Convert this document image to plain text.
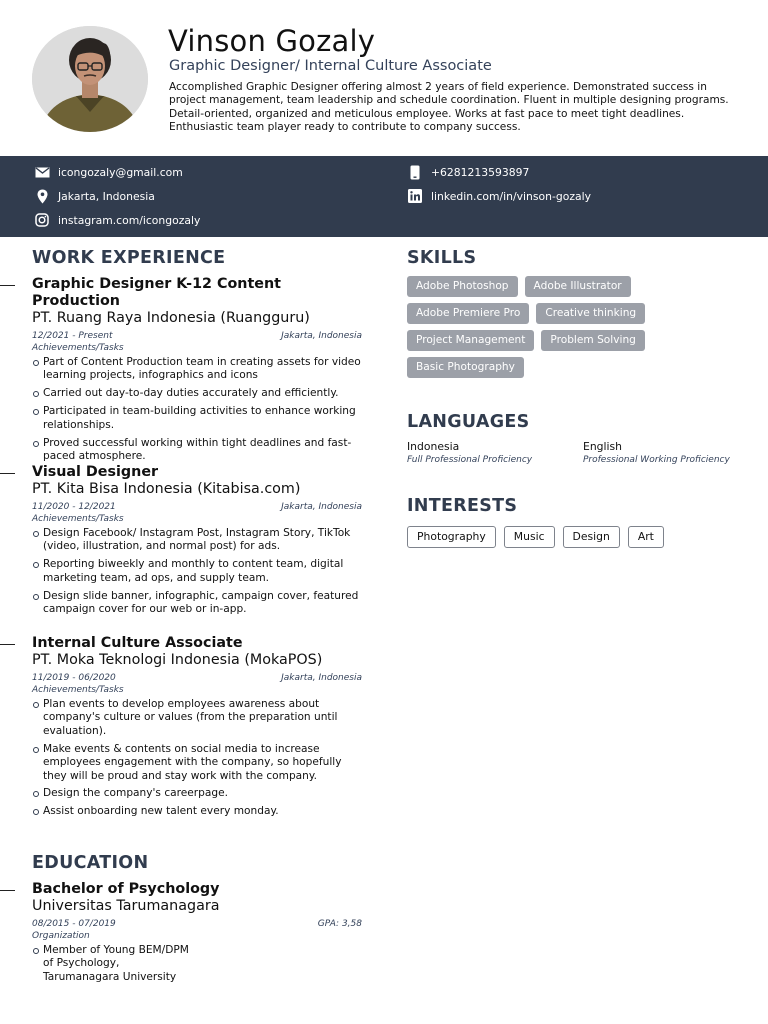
Vinson Gozaly
Graphic Designer/ Internal Culture Associate
Accomplished Graphic Designer offering almost 2 years of field experience. Demonstrated success in project management, team leadership and schedule coordination. Fluent in multiple designing programs. Detail-oriented, organized and meticulous employee. Works at fast pace to meet tight deadlines. Enthusiastic team player ready to contribute to company success.
icongozaly@gmail.com	+6281213593897
Jakarta, Indonesia	linkedin.com/in/vinson-gozaly
instagram.com/icongozaly
WORK EXPERIENCE
Graphic Designer K-12 Content Production
PT. Ruang Raya Indonesia (Ruangguru)
12/2021 - Present	Jakarta, Indonesia
Achievements/Tasks
Part of Content Production team in creating assets for video learning projects, infographics and icons
Carried out day-to-day duties accurately and efficiently.
Participated in team-building activities to enhance working relationships.
Proved successful working within tight deadlines and fast-paced atmosphere.
Visual Designer
PT. Kita Bisa Indonesia (Kitabisa.com)
11/2020 - 12/2021	Jakarta, Indonesia
Achievements/Tasks
Design Facebook/ Instagram Post, Instagram Story, TikTok (video, illustration, and normal post) for ads.
Reporting biweekly and monthly to content team, digital marketing team, ad ops, and supply team.
Design slide banner, infographic, campaign cover, featured campaign cover for our web or in-app.
Internal Culture Associate
PT. Moka Teknologi Indonesia (MokaPOS)
11/2019 - 06/2020	Jakarta, Indonesia
Achievements/Tasks
Plan events to develop employees awareness about company's culture or values (from the preparation until evaluation).
Make events & contents on social media to increase employees engagement with the company, so hopefully they will be proud and stay work with the company.
Design the company's careerpage.
Assist onboarding new talent every monday.
EDUCATION
Bachelor of Psychology
Universitas Tarumanagara
08/2015 - 07/2019	GPA: 3,58
Organization
Member of Young BEM/DPM of Psychology, Tarumanagara University
SKILLS
Adobe Photoshop	Adobe Illustrator
Adobe Premiere Pro	Creative thinking
Project Management	Problem Solving
Basic Photography
LANGUAGES
Indonesia
Full Professional Proficiency
English
Professional Working Proficiency
INTERESTS
Photography	Music	Design	Art
